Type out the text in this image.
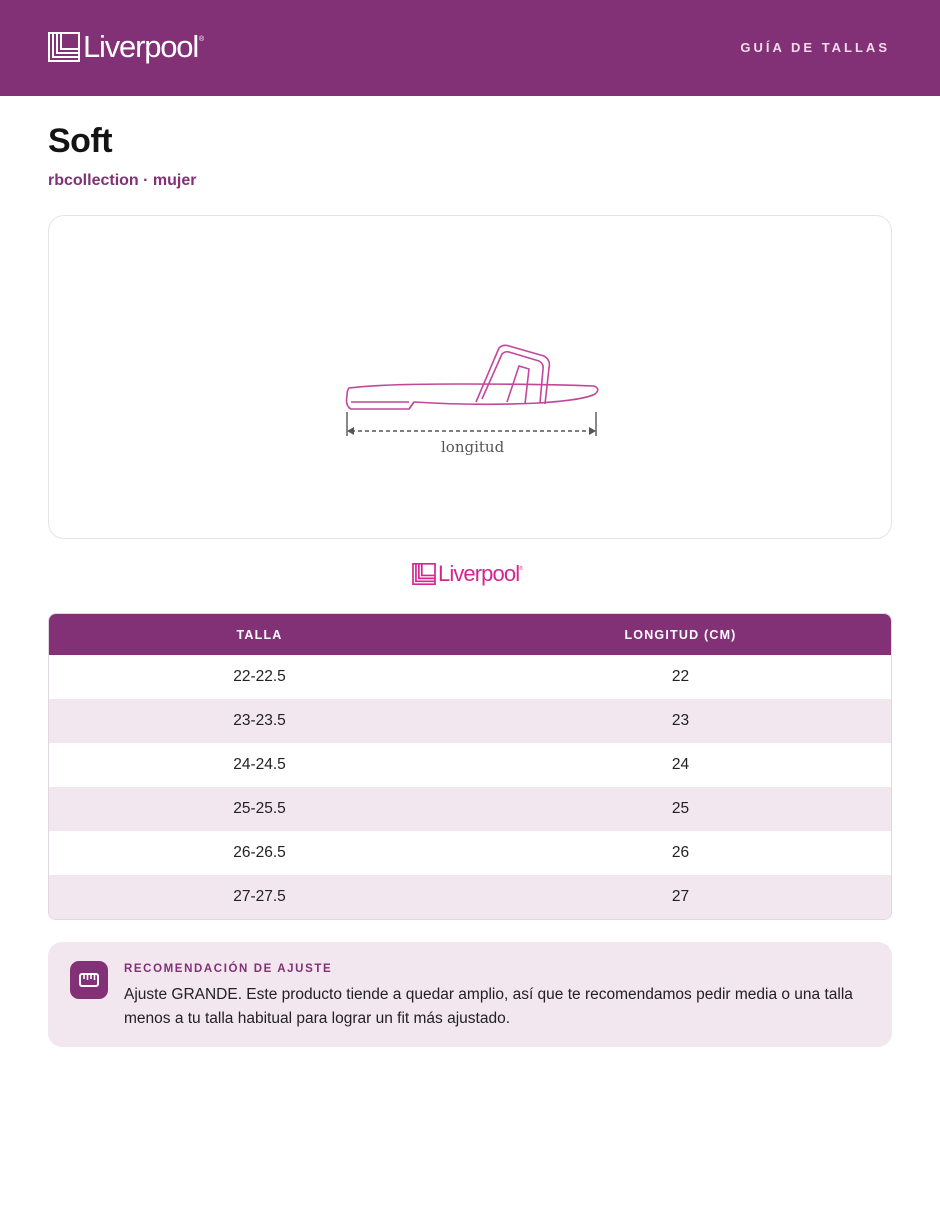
Liverpool ®
GUÍA DE TALLAS
Soft
rbcollection · mujer
longitud
Liverpool ®
TALLA	LONGITUD (CM)
22-22.5	22
23-23.5	23
24-24.5	24
25-25.5	25
26-26.5	26
27-27.5	27
RECOMENDACIÓN DE AJUSTE
Ajuste GRANDE. Este producto tiende a quedar amplio, así que te recomendamos pedir media o una talla menos a tu talla habitual para lograr un fit más ajustado.
